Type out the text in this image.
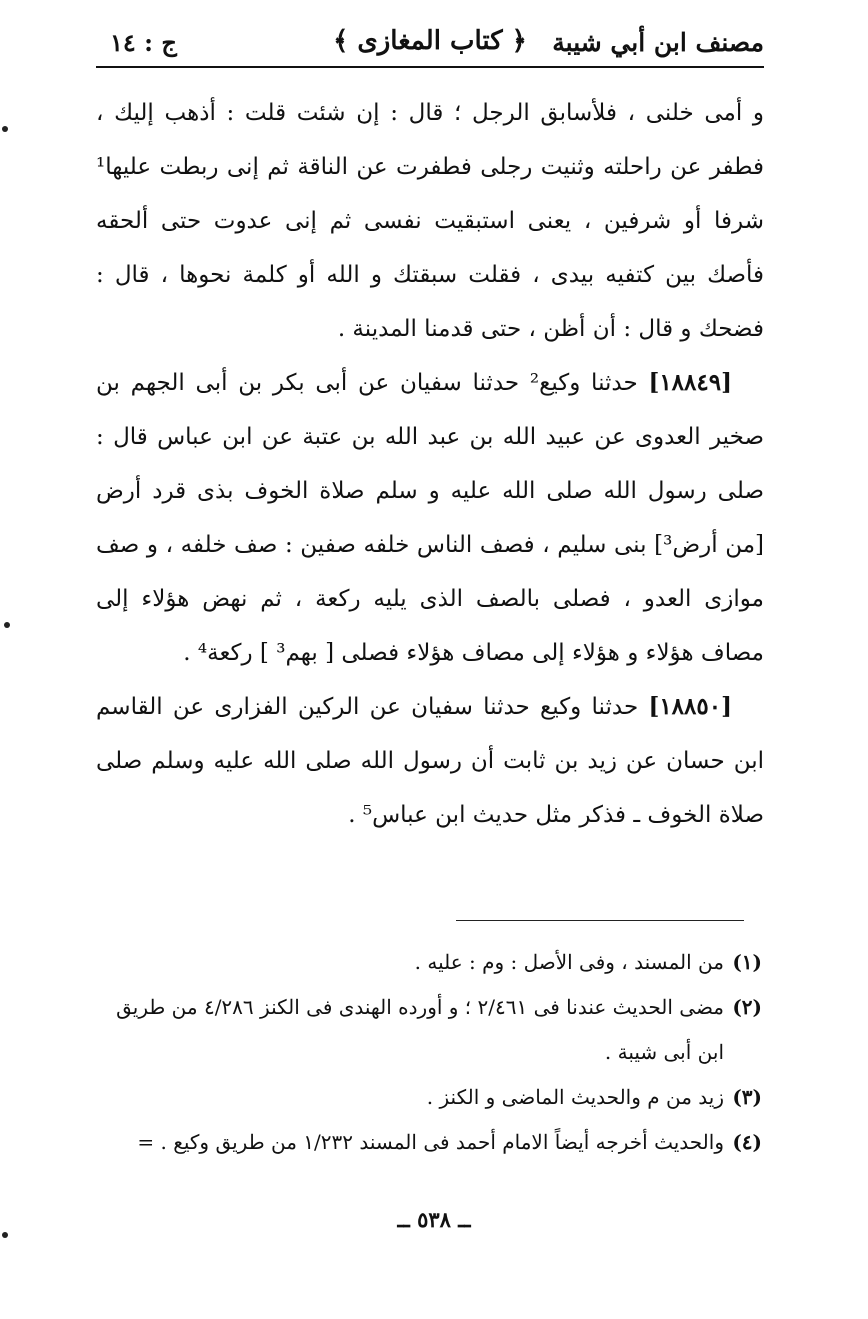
مصنف ابن أبي شيبة
﴿ كتاب المغازى ﴾
ج : ١٤

و أمى خلنى ، فلأسابق الرجل ؛ قال : إن شئت قلت : أذهب إليك ، فطفر عن راحلته وثنيت رجلى فطفرت عن الناقة ثم إنى ربطت عليها¹ شرفا أو شرفين ، يعنى استبقيت نفسى ثم إنى عدوت حتى ألحقه فأصك بين كتفيه بيدى ، فقلت سبقتك و الله أو كلمة نحوها ، قال : فضحك و قال : أن أظن ، حتى قدمنا المدينة .

[١٨٨٤٩] حدثنا وكيع² حدثنا سفيان عن أبى بكر بن أبى الجهم بن صخير العدوى عن عبيد الله بن عبد الله بن عتبة عن ابن عباس قال : صلى رسول الله صلى الله عليه و سلم صلاة الخوف بذى قرد أرض [من أرض³] بنى سليم ، فصف الناس خلفه صفين : صف خلفه ، و صف موازى العدو ، فصلى بالصف الذى يليه ركعة ، ثم نهض هؤلاء إلى مصاف هؤلاء و هؤلاء إلى مصاف هؤلاء فصلى [ بهم³ ] ركعة⁴ .

[١٨٨٥٠] حدثنا وكيع حدثنا سفيان عن الركين الفزارى عن القاسم ابن حسان عن زيد بن ثابت أن رسول الله صلى الله عليه وسلم صلى صلاة الخوف ـ فذكر مثل حديث ابن عباس⁵ .

(١)
من المسند ، وفى الأصل : وم : عليه .

(٢)
مضى الحديث عندنا فى ٢/٤٦١ ؛ و أورده الهندى فى الكنز ٤/٢٨٦ من طريق ابن أبى شيبة .

(٣)
زيد من م والحديث الماضى و الكنز .

(٤)
والحديث أخرجه أيضاً الامام أحمد فى المسند ١/٢٣٢ من طريق وكيع . =

ــ ٥٣٨ ــ
